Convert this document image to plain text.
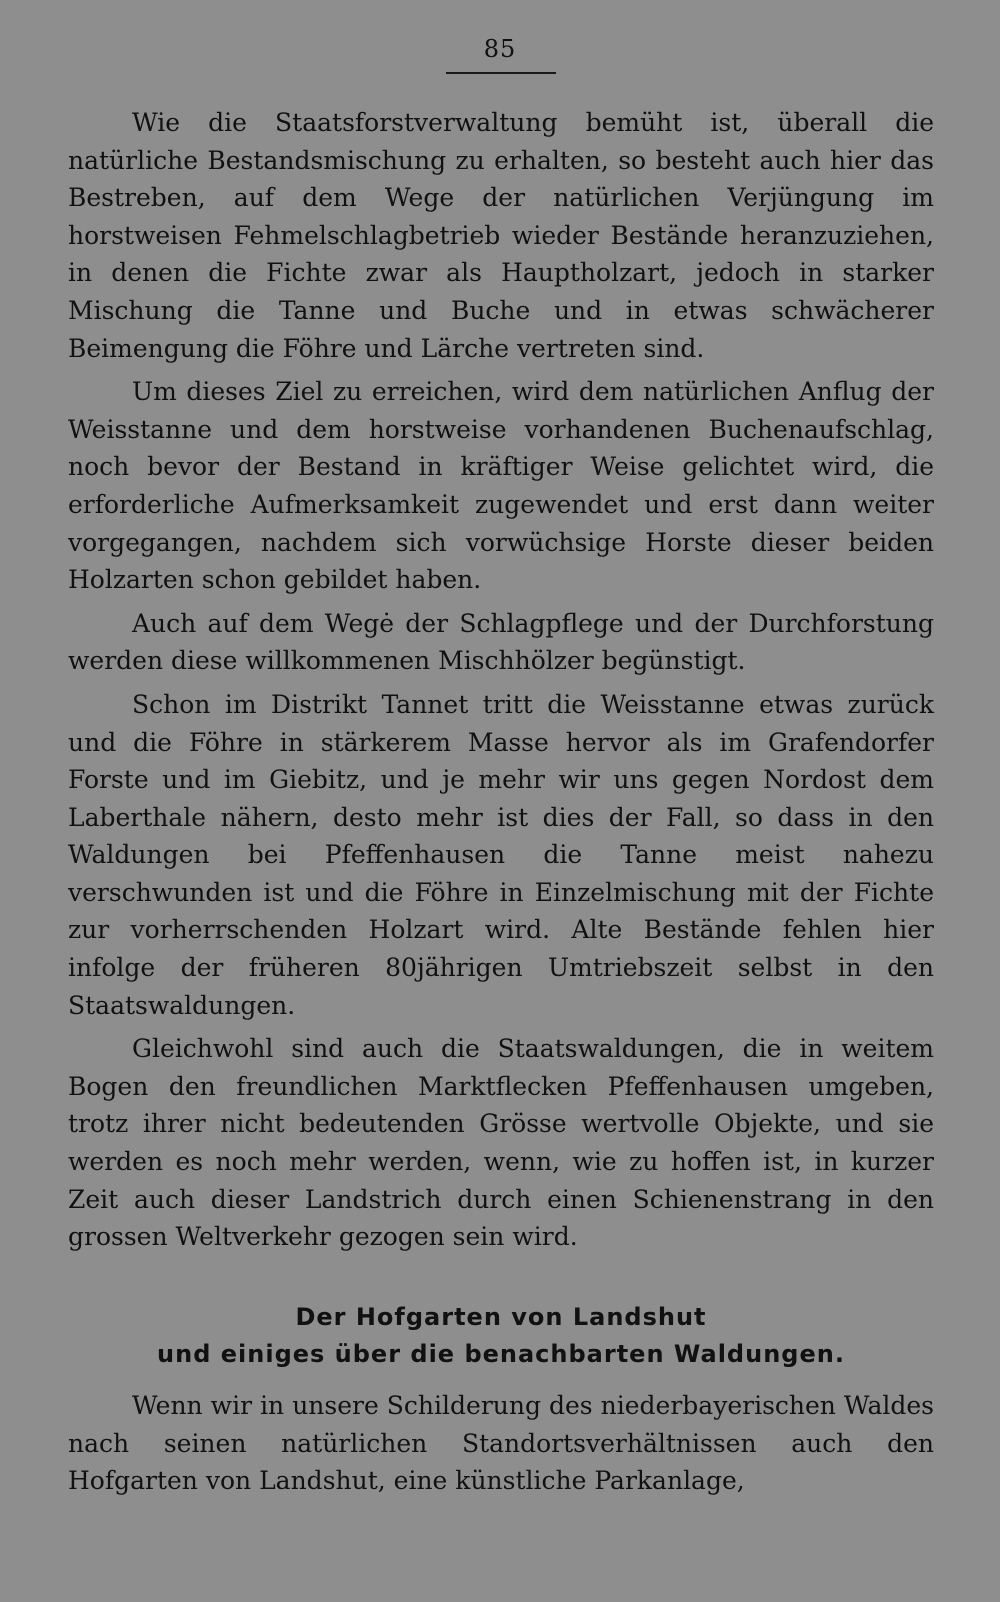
85

Wie die Staatsforstverwaltung bemüht ist, überall die natürliche Bestandsmischung zu erhalten, so besteht auch hier das Bestreben, auf dem Wege der natürlichen Verjüngung im horstweisen Fehmelschlagbetrieb wieder Bestände heranzuziehen, in denen die Fichte zwar als Hauptholzart, jedoch in starker Mischung die Tanne und Buche und in etwas schwächerer Beimengung die Föhre und Lärche vertreten sind.

Um dieses Ziel zu erreichen, wird dem natürlichen Anflug der Weisstanne und dem horstweise vorhandenen Buchenaufschlag, noch bevor der Bestand in kräftiger Weise gelichtet wird, die erforderliche Aufmerksamkeit zugewendet und erst dann weiter vorgegangen, nachdem sich vorwüchsige Horste dieser beiden Holzarten schon gebildet haben.

Auch auf dem Wegė der Schlagpflege und der Durchforstung werden diese willkommenen Mischhölzer begünstigt.

Schon im Distrikt Tannet tritt die Weisstanne etwas zurück und die Föhre in stärkerem Masse hervor als im Grafendorfer Forste und im Giebitz, und je mehr wir uns gegen Nordost dem Laberthale nähern, desto mehr ist dies der Fall, so dass in den Waldungen bei Pfeffenhausen die Tanne meist nahezu verschwunden ist und die Föhre in Einzelmischung mit der Fichte zur vorherrschenden Holzart wird. Alte Bestände fehlen hier infolge der früheren 80jährigen Umtriebszeit selbst in den Staatswaldungen.

Gleichwohl sind auch die Staatswaldungen, die in weitem Bogen den freundlichen Marktflecken Pfeffenhausen umgeben, trotz ihrer nicht bedeutenden Grösse wertvolle Objekte, und sie werden es noch mehr werden, wenn, wie zu hoffen ist, in kurzer Zeit auch dieser Landstrich durch einen Schienenstrang in den grossen Weltverkehr gezogen sein wird.

Der Hofgarten von Landshut
und einiges über die benachbarten Waldungen.

Wenn wir in unsere Schilderung des niederbayerischen Waldes nach seinen natürlichen Standortsverhältnissen auch den Hofgarten von Landshut, eine künstliche Parkanlage,
